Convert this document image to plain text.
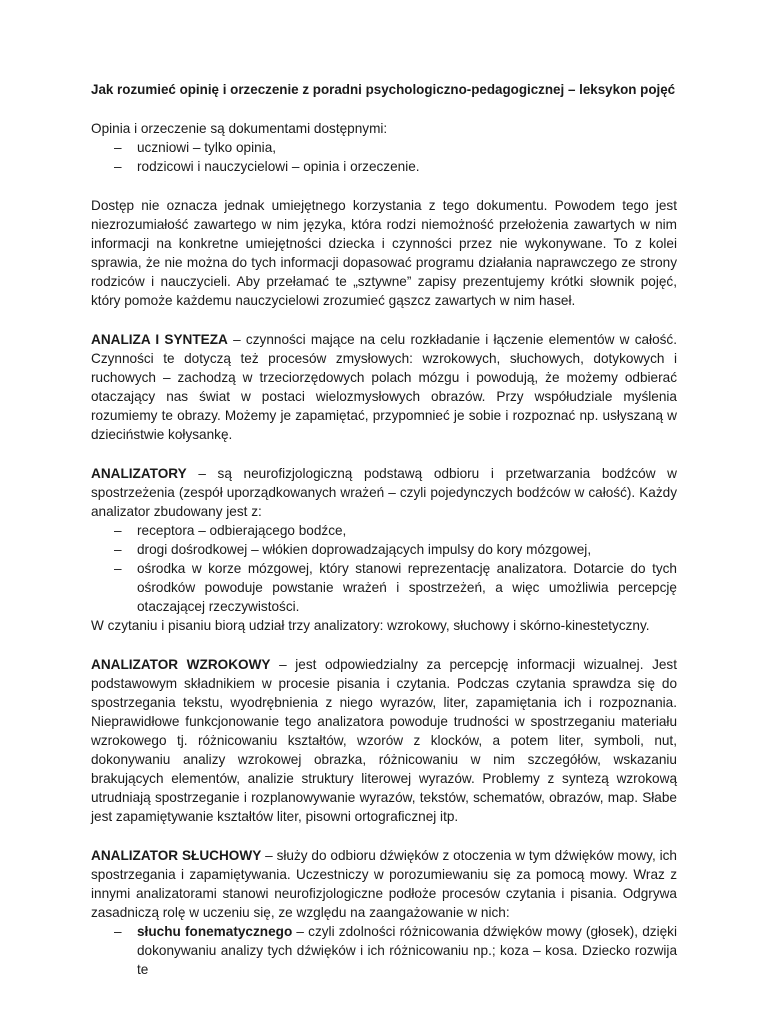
Jak rozumieć opinię i orzeczenie z poradni psychologiczno-pedagogicznej – leksykon pojęć

Opinia i orzeczenie są dokumentami dostępnymi:

– uczniowi – tylko opinia,
– rodzicowi i nauczycielowi – opinia i orzeczenie.

Dostęp nie oznacza jednak umiejętnego korzystania z tego dokumentu. Powodem tego jest niezrozumiałość zawartego w nim języka, która rodzi niemożność przełożenia zawartych w nim informacji na konkretne umiejętności dziecka i czynności przez nie wykonywane. To z kolei sprawia, że nie można do tych informacji dopasować programu działania naprawczego ze strony rodziców i nauczycieli. Aby przełamać te „sztywne” zapisy prezentujemy krótki słownik pojęć, który pomoże każdemu nauczycielowi zrozumieć gąszcz zawartych w nim haseł.

ANALIZA I SYNTEZA – czynności mające na celu rozkładanie i łączenie elementów w całość. Czynności te dotyczą też procesów zmysłowych: wzrokowych, słuchowych, dotykowych i ruchowych – zachodzą w trzeciorzędowych polach mózgu i powodują, że możemy odbierać otaczający nas świat w postaci wielozmysłowych obrazów. Przy współudziale myślenia rozumiemy te obrazy. Możemy je zapamiętać, przypomnieć je sobie i rozpoznać np. usłyszaną w dzieciństwie kołysankę.

ANALIZATORY – są neurofizjologiczną podstawą odbioru i przetwarzania bodźców w spostrzeżenia (zespół uporządkowanych wrażeń – czyli pojedynczych bodźców w całość). Każdy analizator zbudowany jest z:

– receptora – odbierającego bodźce,
– drogi dośrodkowej – włókien doprowadzających impulsy do kory mózgowej,
– ośrodka w korze mózgowej, który stanowi reprezentację analizatora. Dotarcie do tych ośrodków powoduje powstanie wrażeń i spostrzeżeń, a więc umożliwia percepcję otaczającej rzeczywistości.

W czytaniu i pisaniu biorą udział trzy analizatory: wzrokowy, słuchowy i skórno-kinestetyczny.

ANALIZATOR WZROKOWY – jest odpowiedzialny za percepcję informacji wizualnej. Jest podstawowym składnikiem w procesie pisania i czytania. Podczas czytania sprawdza się do spostrzegania tekstu, wyodrębnienia z niego wyrazów, liter, zapamiętania ich i rozpoznania. Nieprawidłowe funkcjonowanie tego analizatora powoduje trudności w spostrzeganiu materiału wzrokowego tj. różnicowaniu kształtów, wzorów z klocków, a potem liter, symboli, nut, dokonywaniu analizy wzrokowej obrazka, różnicowaniu w nim szczegółów, wskazaniu brakujących elementów, analizie struktury literowej wyrazów. Problemy z syntezą wzrokową utrudniają spostrzeganie i rozplanowywanie wyrazów, tekstów, schematów, obrazów, map. Słabe jest zapamiętywanie kształtów liter, pisowni ortograficznej itp.

ANALIZATOR SŁUCHOWY – służy do odbioru dźwięków z otoczenia w tym dźwięków mowy, ich spostrzegania i zapamiętywania. Uczestniczy w porozumiewaniu się za pomocą mowy. Wraz z innymi analizatorami stanowi neurofizjologiczne podłoże procesów czytania i pisania. Odgrywa zasadniczą rolę w uczeniu się, ze względu na zaangażowanie w nich:

– słuchu fonematycznego – czyli zdolności różnicowania dźwięków mowy (głosek), dzięki dokonywaniu analizy tych dźwięków i ich różnicowaniu np.; koza – kosa. Dziecko rozwija te
